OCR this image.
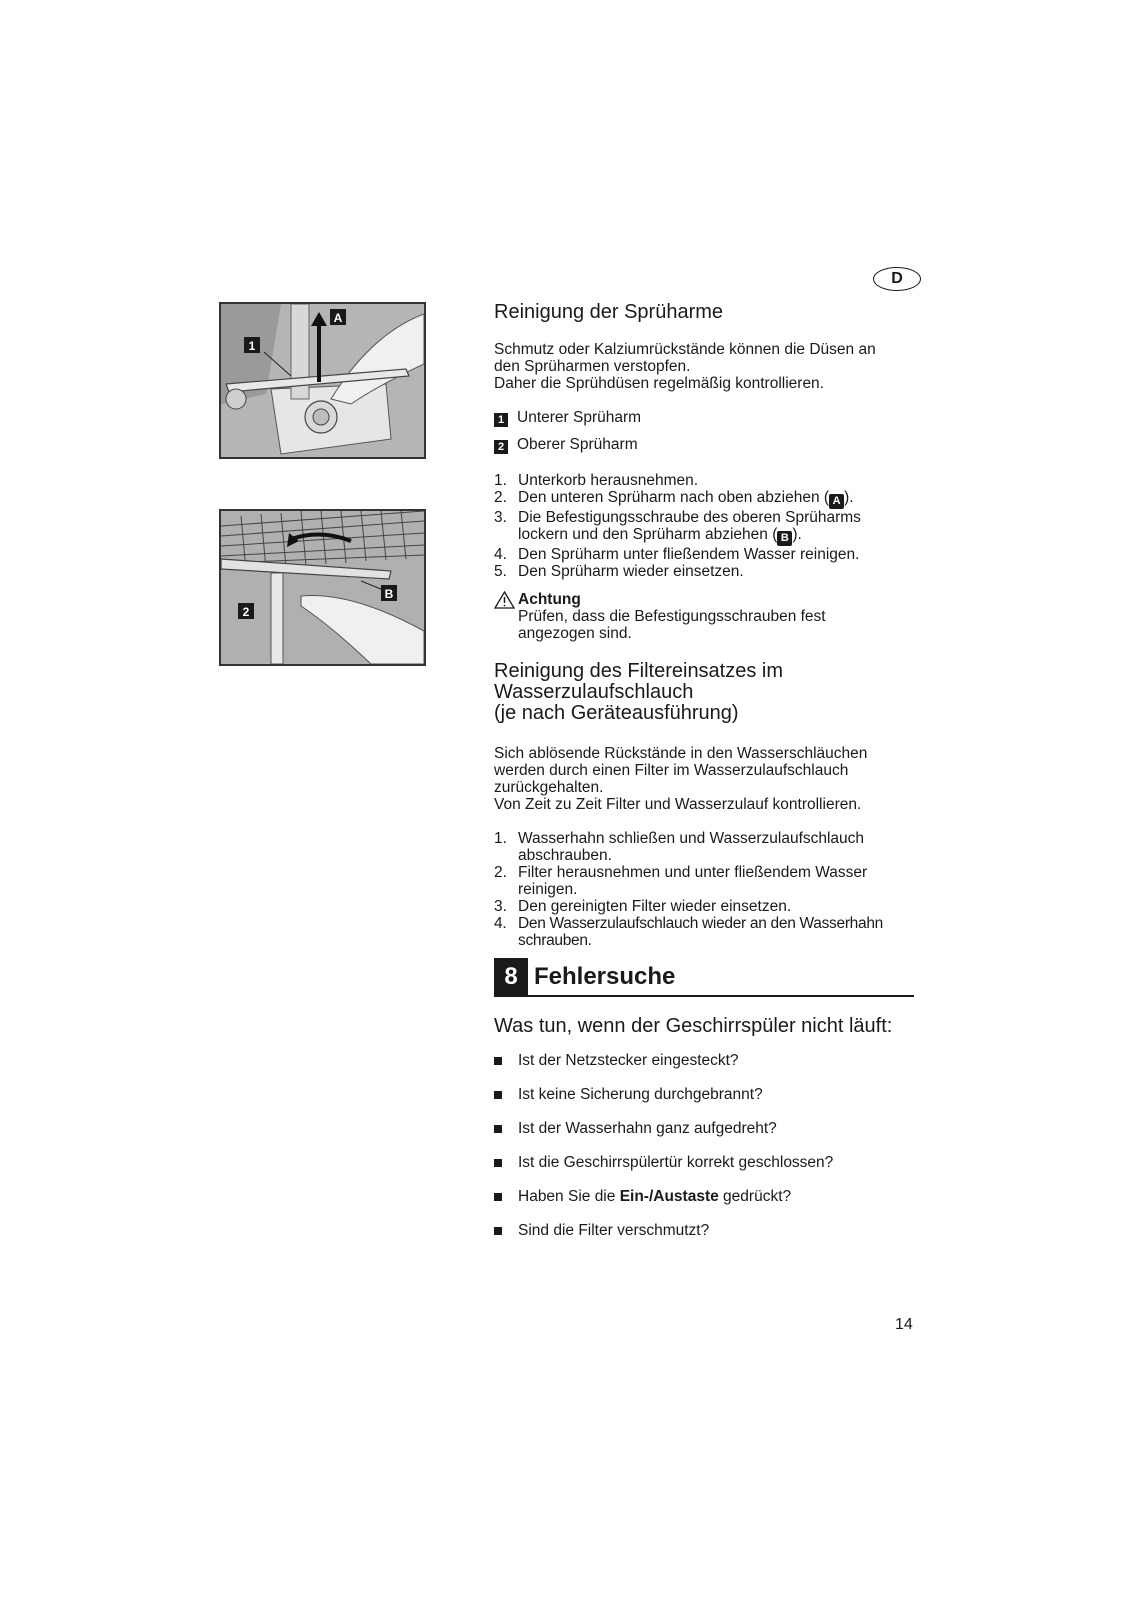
D
A
1
B
2
Reinigung der Sprüharme

Schmutz oder Kalziumrückstände können die Düsen an

den Sprüharmen verstopfen.

Daher die Sprühdüsen regelmäßig kontrollieren.

1 Unterer Sprüharm
2 Oberer Sprüharm
1. Unterkorb herausnehmen.
2. Den unteren Sprüharm nach oben abziehen ( A ).
3. Die Befestigungsschraube des oberen Sprüharms
lockern und den Sprüharm abziehen ( B ).
4. Den Sprüharm unter fließendem Wasser reinigen.
5. Den Sprüharm wieder einsetzen.
Achtung

Prüfen, dass die Befestigungsschrauben fest

angezogen sind.

Reinigung des Filtereinsatzes im
Wasserzulaufschlauch
(je nach Geräteausführung)

Sich ablösende Rückstände in den Wasserschläuchen

werden durch einen Filter im Wasserzulaufschlauch

zurückgehalten.

Von Zeit zu Zeit Filter und Wasserzulauf kontrollieren.

1. Wasserhahn schließen und Wasserzulaufschlauch
abschrauben.
2. Filter herausnehmen und unter fließendem Wasser
reinigen.
3. Den gereinigten Filter wieder einsetzen.
4. Den Wasserzulaufschlauch wieder an den Wasserhahn
schrauben.
8 Fehlersuche
Was tun, wenn der Geschirrspüler nicht läuft:
Ist der Netzstecker eingesteckt?
Ist keine Sicherung durchgebrannt?
Ist der Wasserhahn ganz aufgedreht?
Ist die Geschirrspülertür korrekt geschlossen?
Haben Sie die Ein-/Austaste gedrückt?
Sind die Filter verschmutzt?
14
